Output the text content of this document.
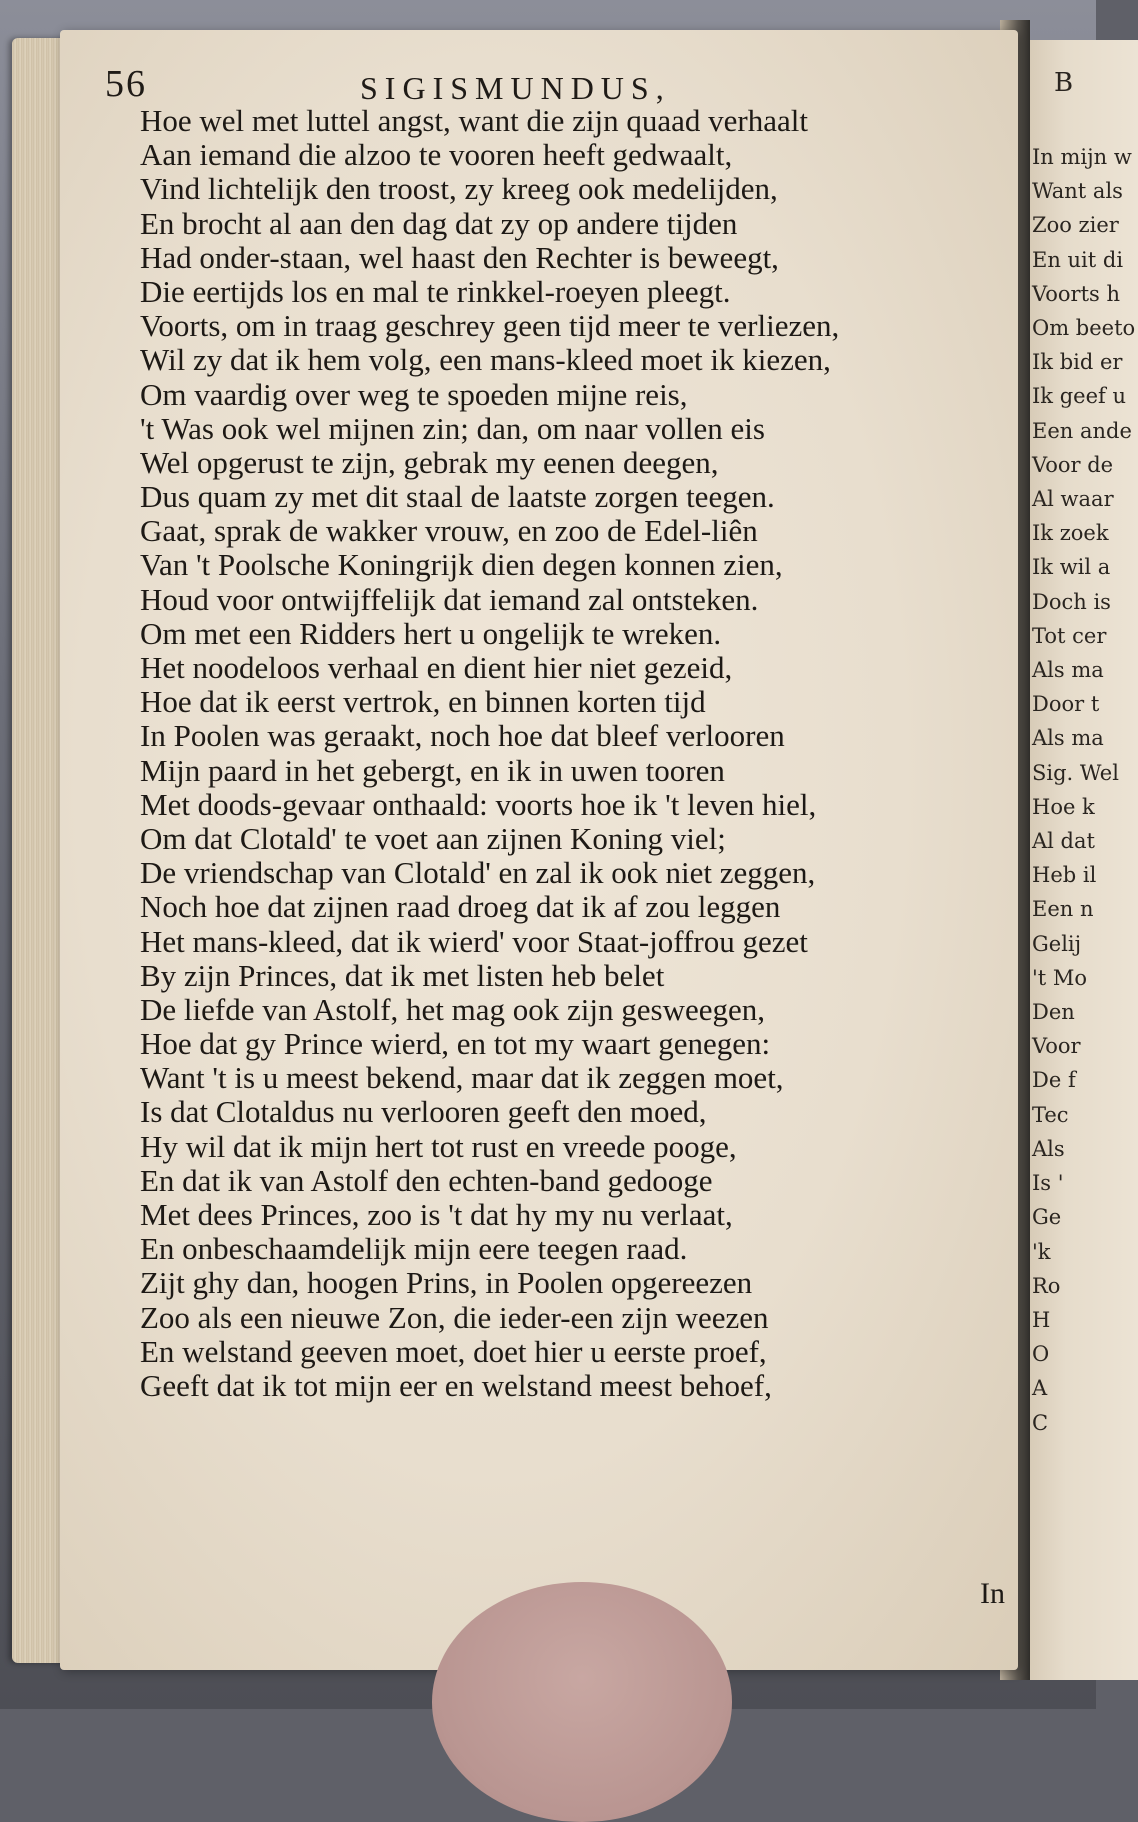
B
In mijn w
Want als
Zoo zier
En uit di
Voorts h
Om beeto
Ik bid er
Ik geef u
Een ande
Voor de
Al waar
Ik zoek
Ik wil a
Doch is
Tot cer
Als ma
Door t
Als ma
Sig. Wel
Hoe k
Al dat
Heb il
Een n
Gelij
't Mo
Den
Voor
De f
Tec
Als
Is '
Ge
'k
Ro
H
O
A
C
56	SIGISMUNDUS,
Hoe wel met luttel angst, want die zijn quaad verhaalt
Aan iemand die alzoo te vooren heeft gedwaalt,
Vind lichtelijk den troost, zy kreeg ook medelijden,
En brocht al aan den dag dat zy op andere tijden
Had onder-staan, wel haast den Rechter is beweegt,
Die eertijds los en mal te rinkkel-roeyen pleegt.
Voorts, om in traag geschrey geen tijd meer te verliezen,
Wil zy dat ik hem volg, een mans-kleed moet ik kiezen,
Om vaardig over weg te spoeden mijne reis,
't Was ook wel mijnen zin; dan, om naar vollen eis
Wel opgerust te zijn, gebrak my eenen deegen,
Dus quam zy met dit staal de laatste zorgen teegen.
Gaat, sprak de wakker vrouw, en zoo de Edel-liên
Van 't Poolsche Koningrijk dien degen konnen zien,
Houd voor ontwijffelijk dat iemand zal ontsteken.
Om met een Ridders hert u ongelijk te wreken.
Het noodeloos verhaal en dient hier niet gezeid,
Hoe dat ik eerst vertrok, en binnen korten tijd
In Poolen was geraakt, noch hoe dat bleef verlooren
Mijn paard in het gebergt, en ik in uwen tooren
Met doods-gevaar onthaald: voorts hoe ik 't leven hiel,
Om dat Clotald' te voet aan zijnen Koning viel;
De vriendschap van Clotald' en zal ik ook niet zeggen,
Noch hoe dat zijnen raad droeg dat ik af zou leggen
Het mans-kleed, dat ik wierd' voor Staat-joffrou gezet
By zijn Princes, dat ik met listen heb belet
De liefde van Astolf, het mag ook zijn gesweegen,
Hoe dat gy Prince wierd, en tot my waart genegen:
Want 't is u meest bekend, maar dat ik zeggen moet,
Is dat Clotaldus nu verlooren geeft den moed,
Hy wil dat ik mijn hert tot rust en vreede pooge,
En dat ik van Astolf den echten-band gedooge
Met dees Princes, zoo is 't dat hy my nu verlaat,
En onbeschaamdelijk mijn eere teegen raad.
Zijt ghy dan, hoogen Prins, in Poolen opgereezen
Zoo als een nieuwe Zon, die ieder-een zijn weezen
En welstand geeven moet, doet hier u eerste proef,
Geeft dat ik tot mijn eer en welstand meest behoef,
In
